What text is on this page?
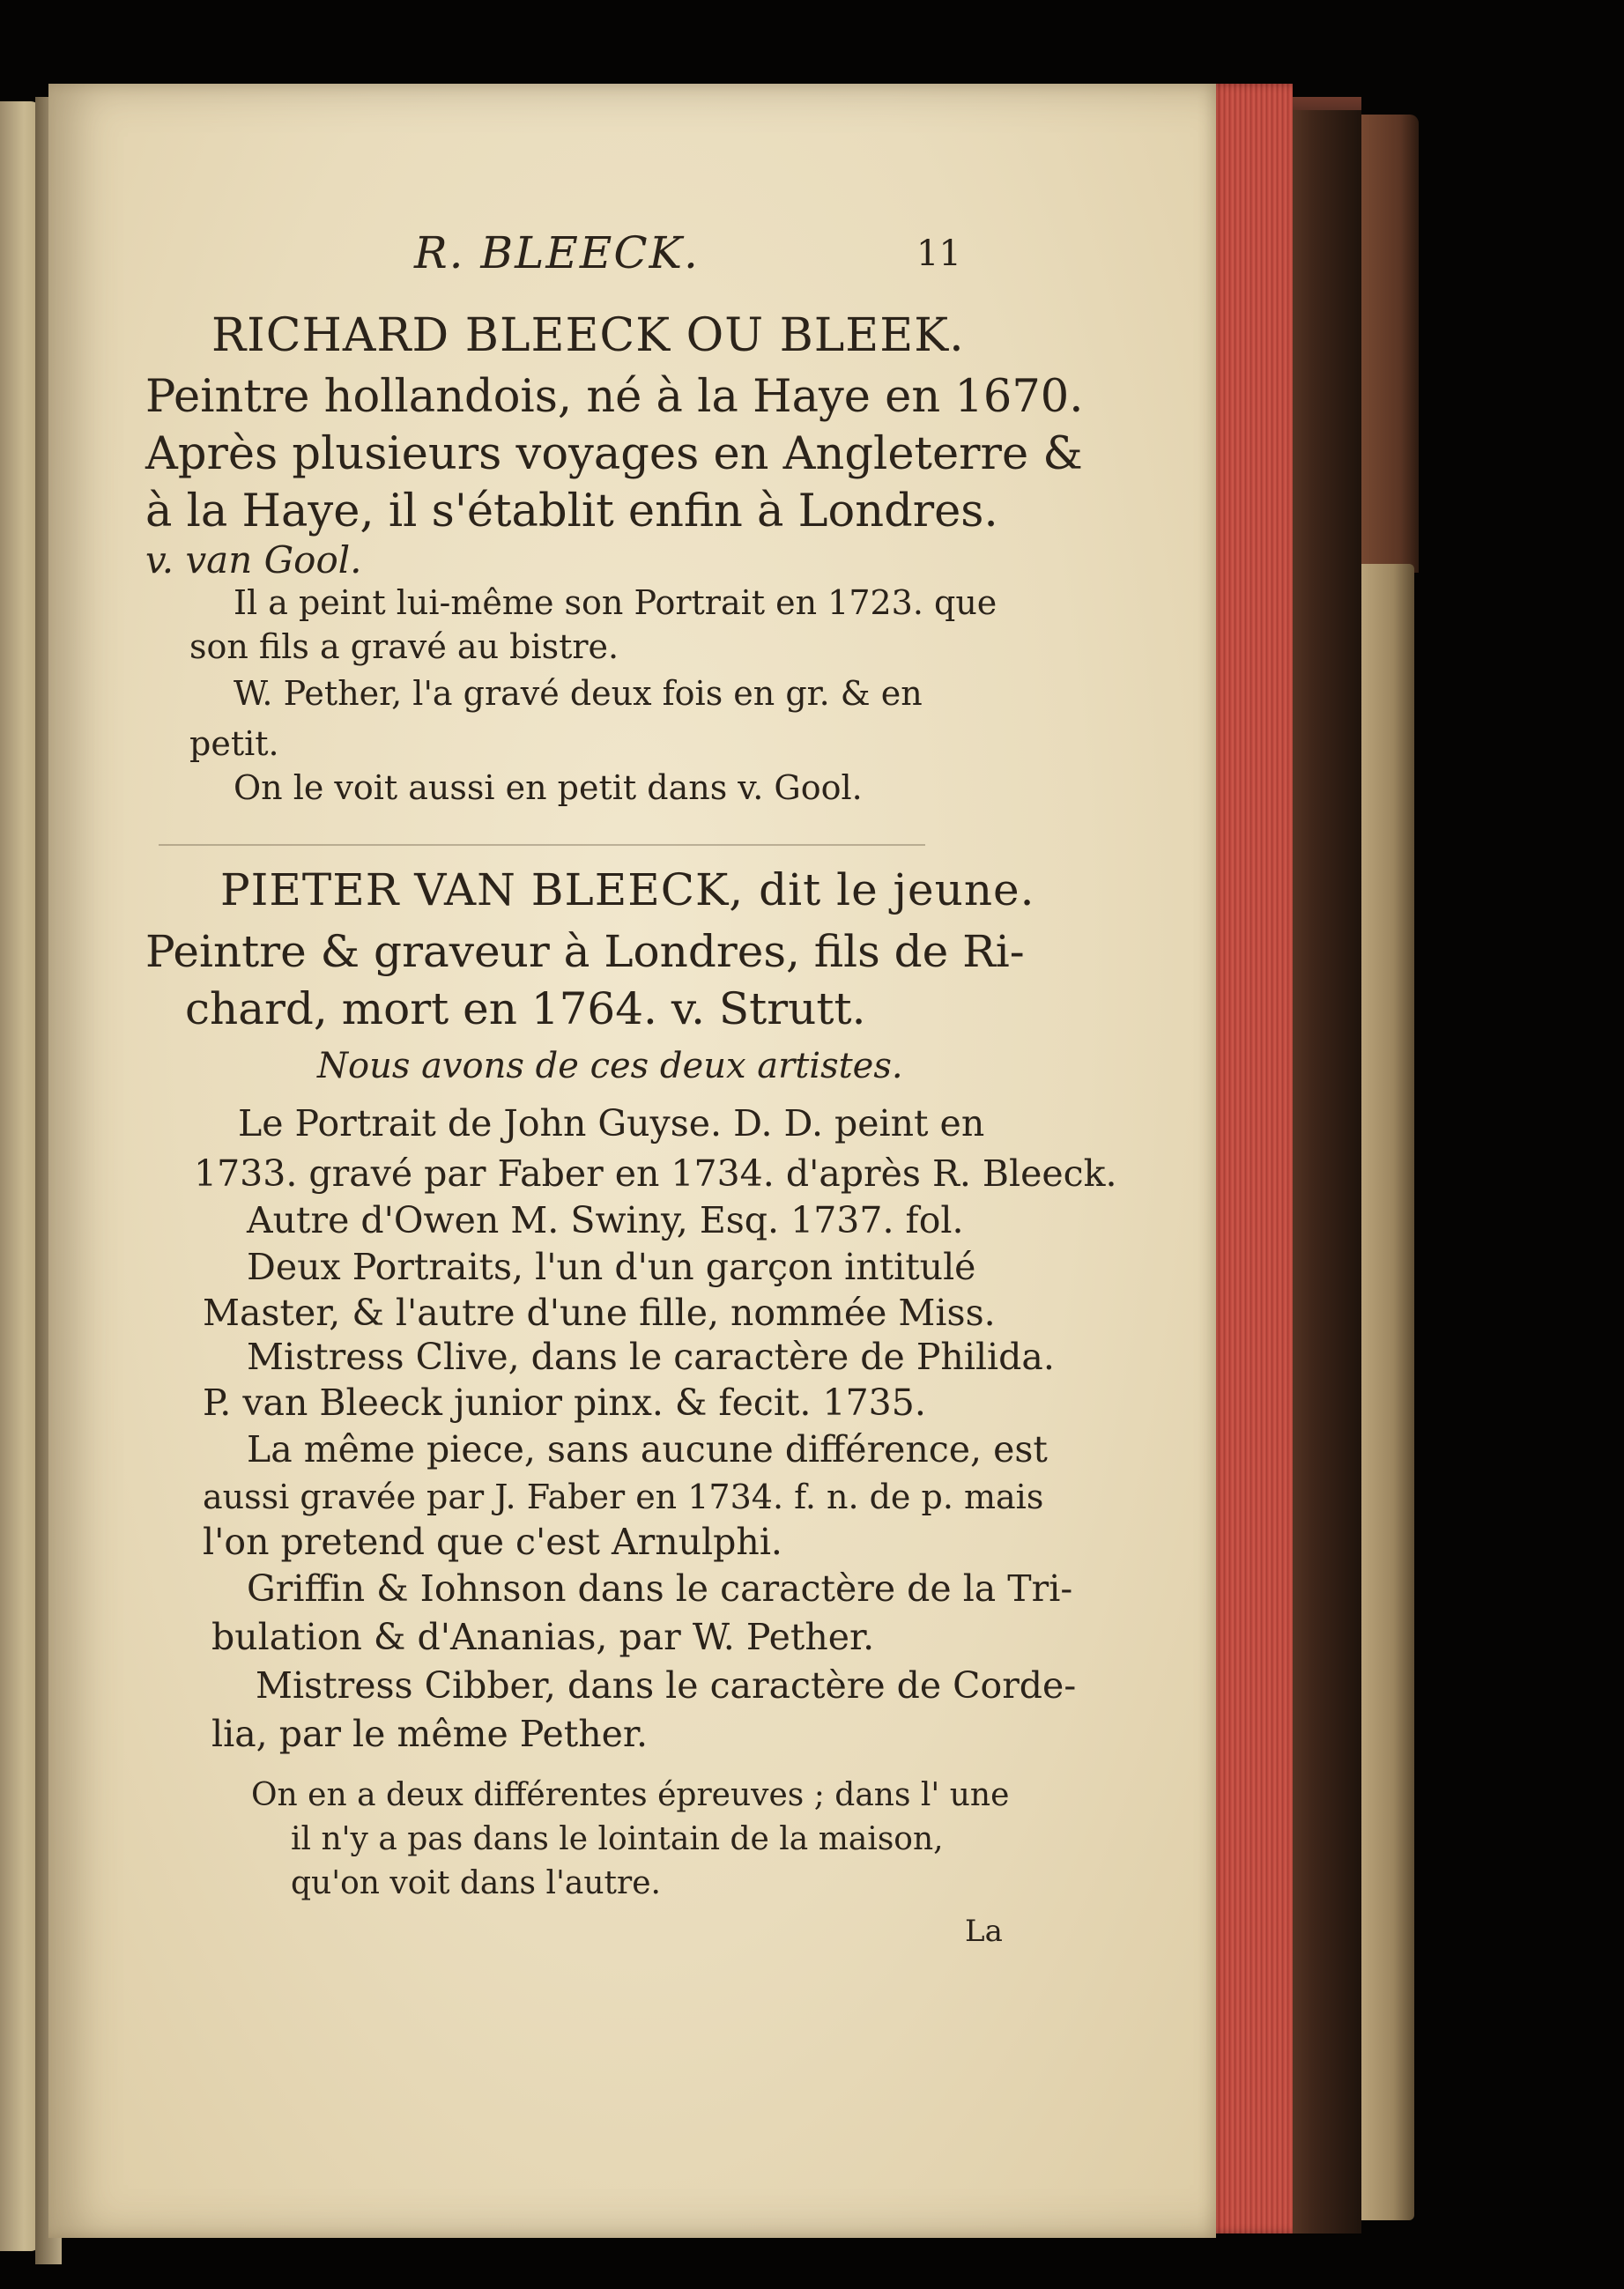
R. BLEECK.	11
RICHARD BLEECK OU BLEEK.
Peintre hollandois, né à la Haye en 1670.
Après plusieurs voyages en Angleterre &
à la Haye, il s'établit enfin à Londres.
v. van Gool.
Il a peint lui-même son Portrait en 1723. que
son fils a gravé au bistre.
W. Pether, l'a gravé deux fois en gr. & en
petit.
On le voit aussi en petit dans v. Gool.
PIETER VAN BLEECK, dit le jeune.
Peintre & graveur à Londres, fils de Ri-
chard, mort en 1764. v. Strutt.
Nous avons de ces deux artistes.
Le Portrait de John Guyse. D. D. peint en
1733. gravé par Faber en 1734. d'après R. Bleeck.
Autre d'Owen M. Swiny, Esq. 1737. fol.
Deux Portraits, l'un d'un garçon intitulé
Master, & l'autre d'une fille, nommée Miss.
Mistress Clive, dans le caractère de Philida.
P. van Bleeck junior pinx. & fecit. 1735.
La même piece, sans aucune différence, est
aussi gravée par J. Faber en 1734. f. n. de p. mais
l'on pretend que c'est Arnulphi.
Griffin & Iohnson dans le caractère de la Tri-
bulation & d'Ananias, par W. Pether.
Mistress Cibber, dans le caractère de Corde-
lia, par le même Pether.
On en a deux différentes épreuves ; dans l' une
il n'y a pas dans le lointain de la maison,
qu'on voit dans l'autre.
La
